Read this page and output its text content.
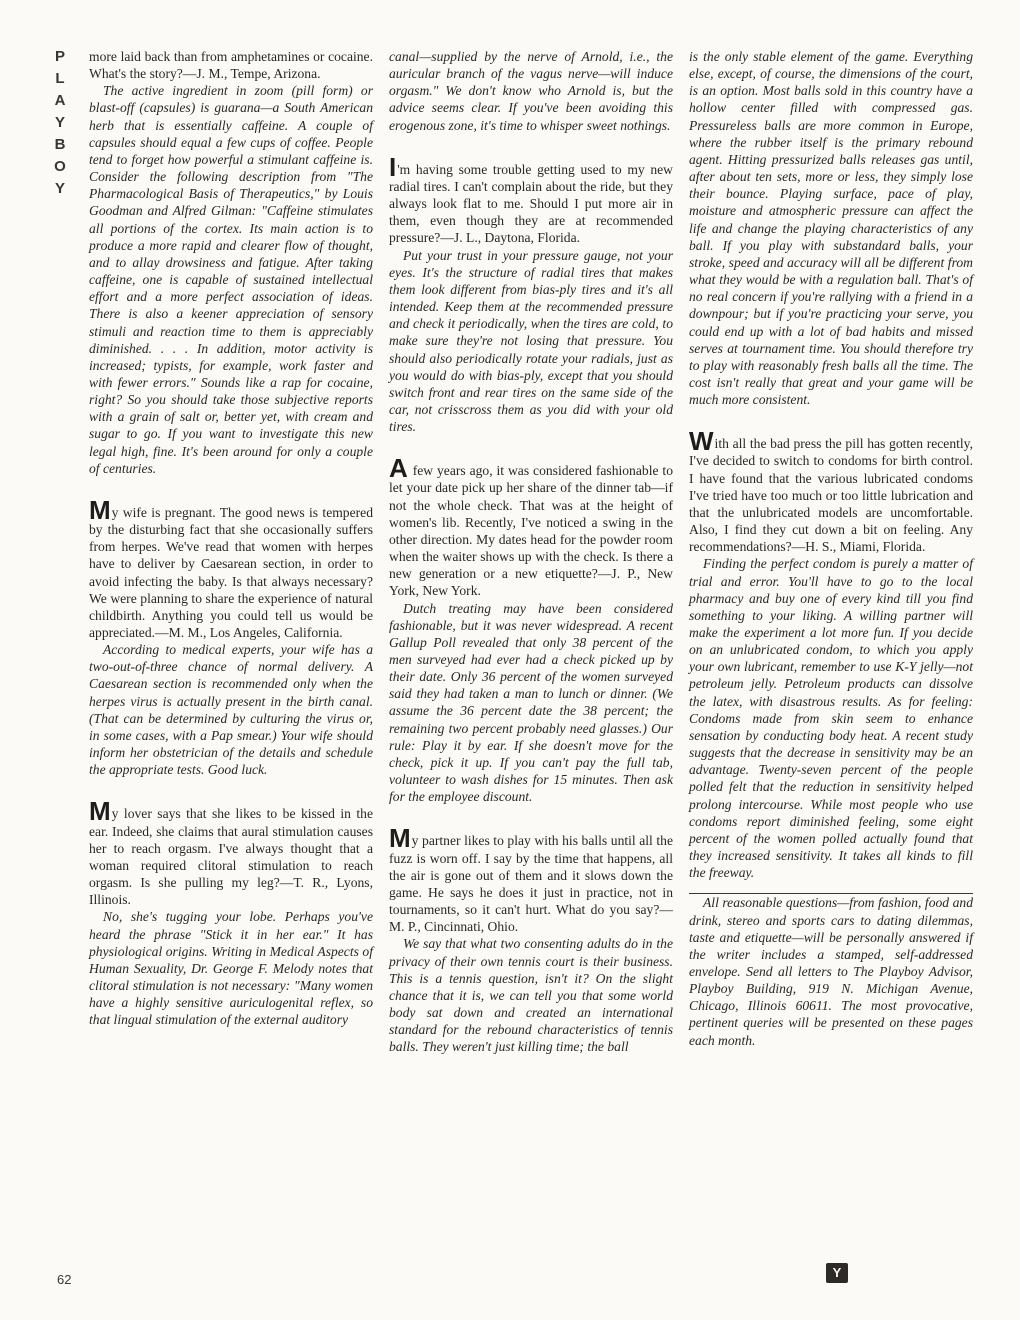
P
L
A
Y
B
O
Y

more laid back than from amphetamines or cocaine. What's the story?—J. M., Tempe, Arizona.

The active ingredient in zoom (pill form) or blast-off (capsules) is guarana—a South American herb that is essentially caffeine. A couple of capsules should equal a few cups of coffee. People tend to forget how powerful a stimulant caffeine is. Consider the following description from "The Pharmacological Basis of Therapeutics," by Louis Goodman and Alfred Gilman: "Caffeine stimulates all portions of the cortex. Its main action is to produce a more rapid and clearer flow of thought, and to allay drowsiness and fatigue. After taking caffeine, one is capable of sustained intellectual effort and a more perfect association of ideas. There is also a keener appreciation of sensory stimuli and reaction time to them is appreciably diminished. . . . In addition, motor activity is increased; typists, for example, work faster and with fewer errors." Sounds like a rap for cocaine, right? So you should take those subjective reports with a grain of salt or, better yet, with cream and sugar to go. If you want to investigate this new legal high, fine. It's been around for only a couple of centuries.

My wife is pregnant. The good news is tempered by the disturbing fact that she occasionally suffers from herpes. We've read that women with herpes have to deliver by Caesarean section, in order to avoid infecting the baby. Is that always necessary? We were planning to share the experience of natural childbirth. Anything you could tell us would be appreciated.—M. M., Los Angeles, California.

According to medical experts, your wife has a two-out-of-three chance of normal delivery. A Caesarean section is recommended only when the herpes virus is actually present in the birth canal. (That can be determined by culturing the virus or, in some cases, with a Pap smear.) Your wife should inform her obstetrician of the details and schedule the appropriate tests. Good luck.

My lover says that she likes to be kissed in the ear. Indeed, she claims that aural stimulation causes her to reach orgasm. I've always thought that a woman required clitoral stimulation to reach orgasm. Is she pulling my leg?—T. R., Lyons, Illinois.

No, she's tugging your lobe. Perhaps you've heard the phrase "Stick it in her ear." It has physiological origins. Writing in Medical Aspects of Human Sexuality, Dr. George F. Melody notes that clitoral stimulation is not necessary: "Many women have a highly sensitive auriculogenital reflex, so that lingual stimulation of the external auditory

canal—supplied by the nerve of Arnold, i.e., the auricular branch of the vagus nerve—will induce orgasm." We don't know who Arnold is, but the advice seems clear. If you've been avoiding this erogenous zone, it's time to whisper sweet nothings.

I'm having some trouble getting used to my new radial tires. I can't complain about the ride, but they always look flat to me. Should I put more air in them, even though they are at recommended pressure?—J. L., Daytona, Florida.

Put your trust in your pressure gauge, not your eyes. It's the structure of radial tires that makes them look different from bias-ply tires and it's all intended. Keep them at the recommended pressure and check it periodically, when the tires are cold, to make sure they're not losing that pressure. You should also periodically rotate your radials, just as you would do with bias-ply, except that you should switch front and rear tires on the same side of the car, not crisscross them as you did with your old tires.

A few years ago, it was considered fashionable to let your date pick up her share of the dinner tab—if not the whole check. That was at the height of women's lib. Recently, I've noticed a swing in the other direction. My dates head for the powder room when the waiter shows up with the check. Is there a new generation or a new etiquette?—J. P., New York, New York.

Dutch treating may have been considered fashionable, but it was never widespread. A recent Gallup Poll revealed that only 38 percent of the men surveyed had ever had a check picked up by their date. Only 36 percent of the women surveyed said they had taken a man to lunch or dinner. (We assume the 36 percent date the 38 percent; the remaining two percent probably need glasses.) Our rule: Play it by ear. If she doesn't move for the check, pick it up. If you can't pay the full tab, volunteer to wash dishes for 15 minutes. Then ask for the employee discount.

My partner likes to play with his balls until all the fuzz is worn off. I say by the time that happens, all the air is gone out of them and it slows down the game. He says he does it just in practice, not in tournaments, so it can't hurt. What do you say?—M. P., Cincinnati, Ohio.

We say that what two consenting adults do in the privacy of their own tennis court is their business. This is a tennis question, isn't it? On the slight chance that it is, we can tell you that some world body sat down and created an international standard for the rebound characteristics of tennis balls. They weren't just killing time; the ball

is the only stable element of the game. Everything else, except, of course, the dimensions of the court, is an option. Most balls sold in this country have a hollow center filled with compressed gas. Pressureless balls are more common in Europe, where the rubber itself is the primary rebound agent. Hitting pressurized balls releases gas until, after about ten sets, more or less, they simply lose their bounce. Playing surface, pace of play, moisture and atmospheric pressure can affect the life and change the playing characteristics of any ball. If you play with substandard balls, your stroke, speed and accuracy will all be different from what they would be with a regulation ball. That's of no real concern if you're rallying with a friend in a downpour; but if you're practicing your serve, you could end up with a lot of bad habits and missed serves at tournament time. You should therefore try to play with reasonably fresh balls all the time. The cost isn't really that great and your game will be much more consistent.

With all the bad press the pill has gotten recently, I've decided to switch to condoms for birth control. I have found that the various lubricated condoms I've tried have too much or too little lubrication and that the unlubricated models are uncomfortable. Also, I find they cut down a bit on feeling. Any recommendations?—H. S., Miami, Florida.

Finding the perfect condom is purely a matter of trial and error. You'll have to go to the local pharmacy and buy one of every kind till you find something to your liking. A willing partner will make the experiment a lot more fun. If you decide on an unlubricated condom, to which you apply your own lubricant, remember to use K-Y jelly—not petroleum jelly. Petroleum products can dissolve the latex, with disastrous results. As for feeling: Condoms made from skin seem to enhance sensation by conducting body heat. A recent study suggests that the decrease in sensitivity may be an advantage. Twenty-seven percent of the people polled felt that the reduction in sensitivity helped prolong intercourse. While most people who use condoms report diminished feeling, some eight percent of the women polled actually found that they increased sensitivity. It takes all kinds to fill the freeway.

All reasonable questions—from fashion, food and drink, stereo and sports cars to dating dilemmas, taste and etiquette—will be personally answered if the writer includes a stamped, self-addressed envelope. Send all letters to The Playboy Advisor, Playboy Building, 919 N. Michigan Avenue, Chicago, Illinois 60611. The most provocative, pertinent queries will be presented on these pages each month.

62	Y
